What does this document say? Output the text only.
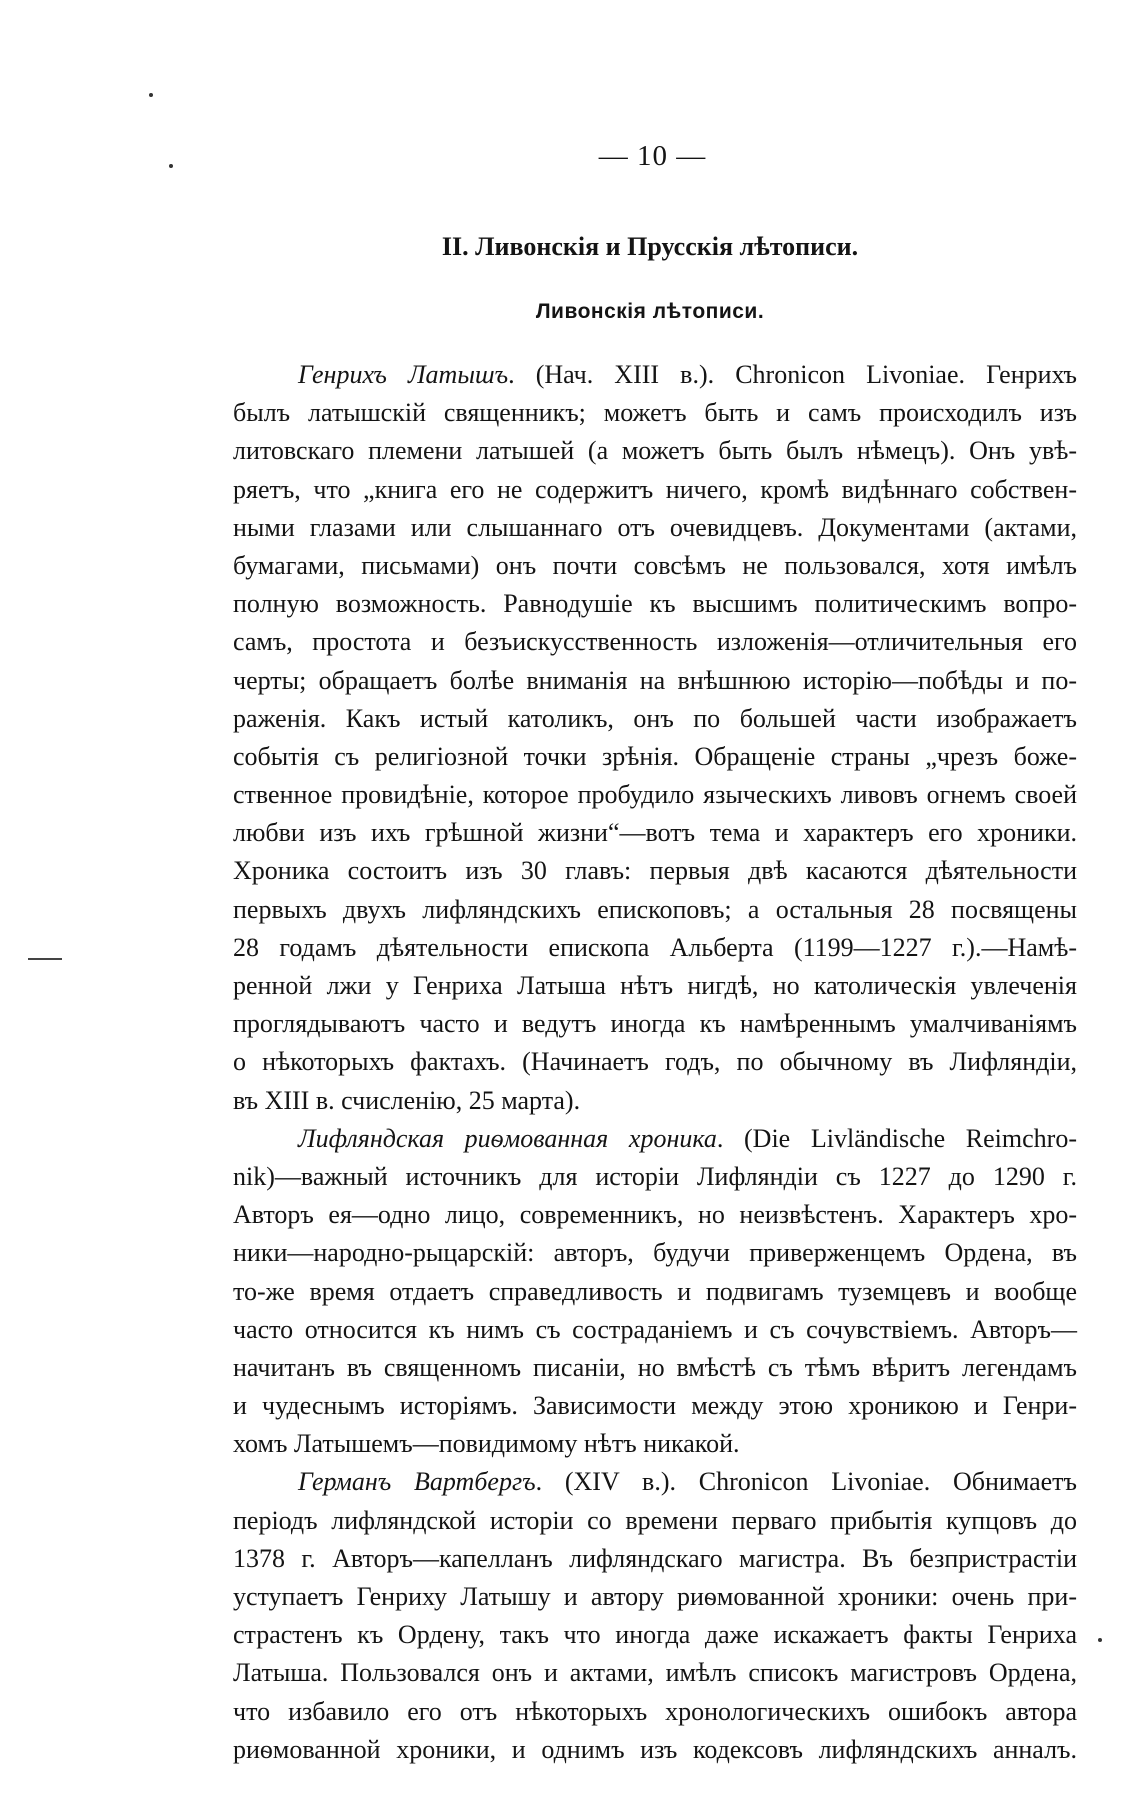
— 10 —
II. Ливонскія и Прусскія лѣтописи.
Ливонскія лѣтописи.
Генрихъ Латышъ. (Нач. XIII в.). Chronicon Livoniae. Генрихъ
былъ латышскій священникъ; можетъ быть и самъ происходилъ изъ
литовскаго племени латышей (а можетъ быть былъ нѣмецъ). Онъ увѣ-
ряетъ, что „книга его не содержитъ ничего, кромѣ видѣннаго собствен-
ными глазами или слышаннаго отъ очевидцевъ. Документами (актами,
бумагами, письмами) онъ почти совсѣмъ не пользовался, хотя имѣлъ
полную возможность. Равнодушіе къ высшимъ политическимъ вопро-
самъ, простота и безъискусственность изложенія—отличительныя его
черты; обращаетъ болѣе вниманія на внѣшнюю исторію—побѣды и по-
раженія. Какъ истый католикъ, онъ по большей части изображаетъ
событія съ религіозной точки зрѣнія. Обращеніе страны „чрезъ боже-
ственное провидѣніе, которое пробудило языческихъ ливовъ огнемъ своей
любви изъ ихъ грѣшной жизни“—вотъ тема и характеръ его хроники.
Хроника состоитъ изъ 30 главъ: первыя двѣ касаются дѣятельности
первыхъ двухъ лифляндскихъ епископовъ; а остальныя 28 посвящены
28 годамъ дѣятельности епископа Альберта (1199—1227 г.).—Намѣ-
ренной лжи у Генриха Латыша нѣтъ нигдѣ, но католическія увлеченія
проглядываютъ часто и ведутъ иногда къ намѣреннымъ умалчиваніямъ
о нѣкоторыхъ фактахъ. (Начинаетъ годъ, по обычному въ Лифляндіи,
въ XIII в. счисленію, 25 марта).
Лифляндская риѳмованная хроника. (Die Livländische Reimchro-
nik)—важный источникъ для исторіи Лифляндіи съ 1227 до 1290 г.
Авторъ ея—одно лицо, современникъ, но неизвѣстенъ. Характеръ хро-
ники—народно-рыцарскій: авторъ, будучи приверженцемъ Ордена, въ
то-же время отдаетъ справедливость и подвигамъ туземцевъ и вообще
часто относится къ нимъ съ состраданіемъ и съ сочувствіемъ. Авторъ—
начитанъ въ священномъ писаніи, но вмѣстѣ съ тѣмъ вѣритъ легендамъ
и чудеснымъ исторіямъ. Зависимости между этою хроникою и Генри-
хомъ Латышемъ—повидимому нѣтъ никакой.
Германъ Вартбергъ. (XIV в.). Chronicon Livoniae. Обнимаетъ
періодъ лифляндской исторіи со времени перваго прибытія купцовъ до
1378 г. Авторъ—капелланъ лифляндскаго магистра. Въ безпристрастіи
уступаетъ Генриху Латышу и автору риѳмованной хроники: очень при-
страстенъ къ Ордену, такъ что иногда даже искажаетъ факты Генриха
Латыша. Пользовался онъ и актами, имѣлъ списокъ магистровъ Ордена,
что избавило его отъ нѣкоторыхъ хронологическихъ ошибокъ автора
риѳмованной хроники, и однимъ изъ кодексовъ лифляндскихъ анналъ.
